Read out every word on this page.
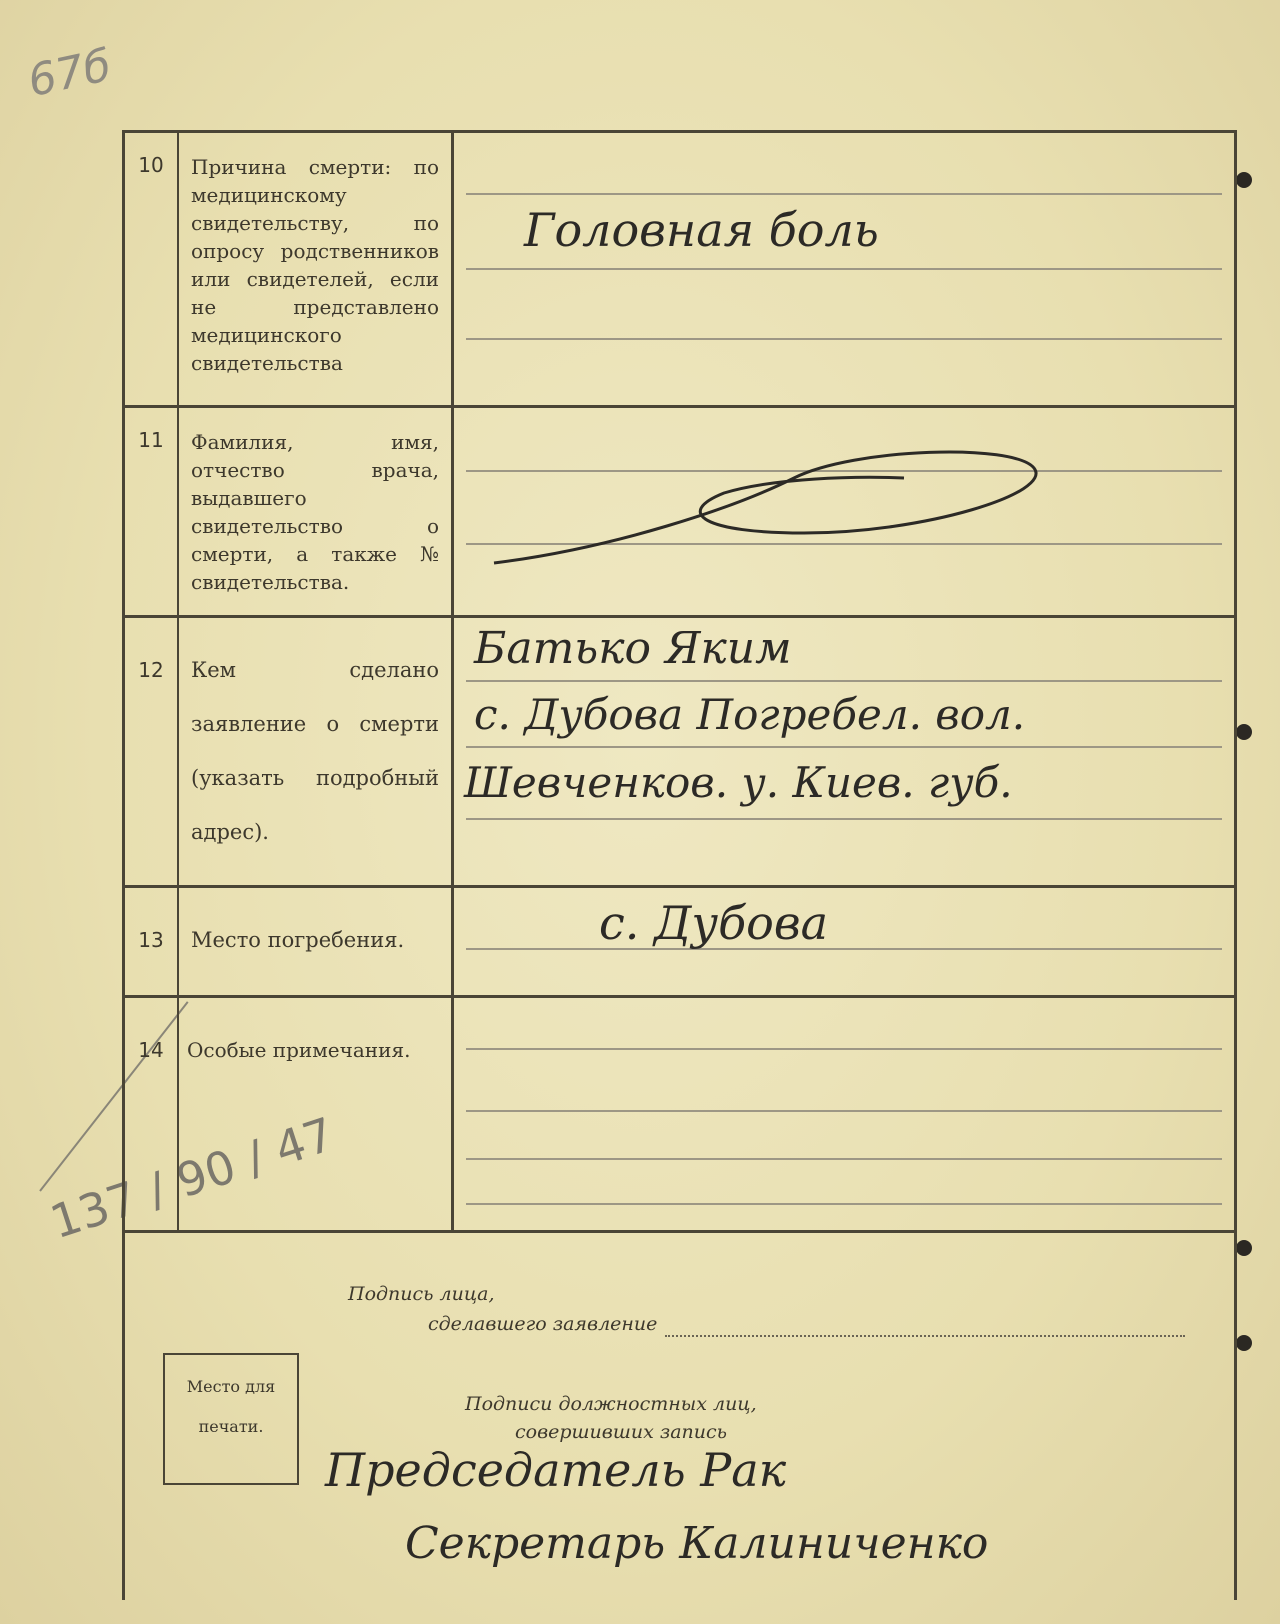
67б
137 / 90 / 47
10	Причина смерти: по медицинскому свидетельству, по опросу родственников или свидетелей, если не представлено медицинского свидетельства
Головная боль
11	Фамилия, имя, отчество врача, выдавшего свидетельство о смерти, а также № свидетельства.
12	Кем сделано заявление о смерти (указать подробный адрес).
Батько Яким
с. Дубова Погребел. вол.
Шевченков. у. Киев. губ.
13	Место погребения.	с. Дубова
14	Особые примечания.
Подпись лица,
сделавшего заявление
Место для
печати.
Подписи должностных лиц,
совершивших запись
Председатель Рак
Секретарь Калиниченко
